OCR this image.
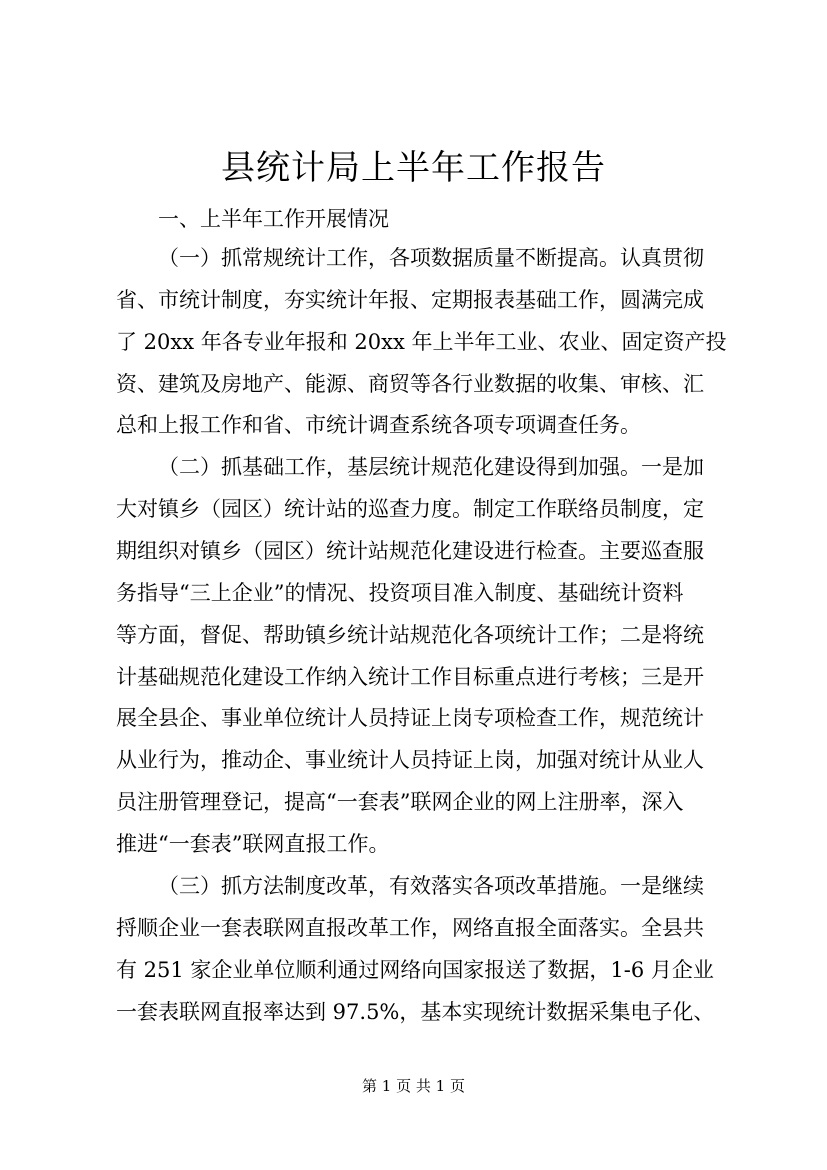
县统计局上半年工作报告
一、上半年工作开展情况
（一）抓常规统计工作，各项数据质量不断提高。认真贯彻
省、市统计制度，夯实统计年报、定期报表基础工作，圆满完成
了 20xx 年各专业年报和 20xx 年上半年工业、农业、固定资产投
资、建筑及房地产、能源、商贸等各行业数据的收集、审核、汇
总和上报工作和省、市统计调查系统各项专项调查任务。
（二）抓基础工作，基层统计规范化建设得到加强。一是加
大对镇乡（园区）统计站的巡查力度。制定工作联络员制度，定
期组织对镇乡（园区）统计站规范化建设进行检查。主要巡查服
务指导“三上企业”的情况、投资项目准入制度、基础统计资料
等方面，督促、帮助镇乡统计站规范化各项统计工作；二是将统
计基础规范化建设工作纳入统计工作目标重点进行考核；三是开
展全县企、事业单位统计人员持证上岗专项检查工作，规范统计
从业行为，推动企、事业统计人员持证上岗，加强对统计从业人
员注册管理登记，提高“一套表”联网企业的网上注册率，深入
推进“一套表”联网直报工作。
（三）抓方法制度改革，有效落实各项改革措施。一是继续
捋顺企业一套表联网直报改革工作，网络直报全面落实。全县共
有 251 家企业单位顺利通过网络向国家报送了数据，1-6 月企业
一套表联网直报率达到 97.5%，基本实现统计数据采集电子化、
第 1 页 共 1 页
